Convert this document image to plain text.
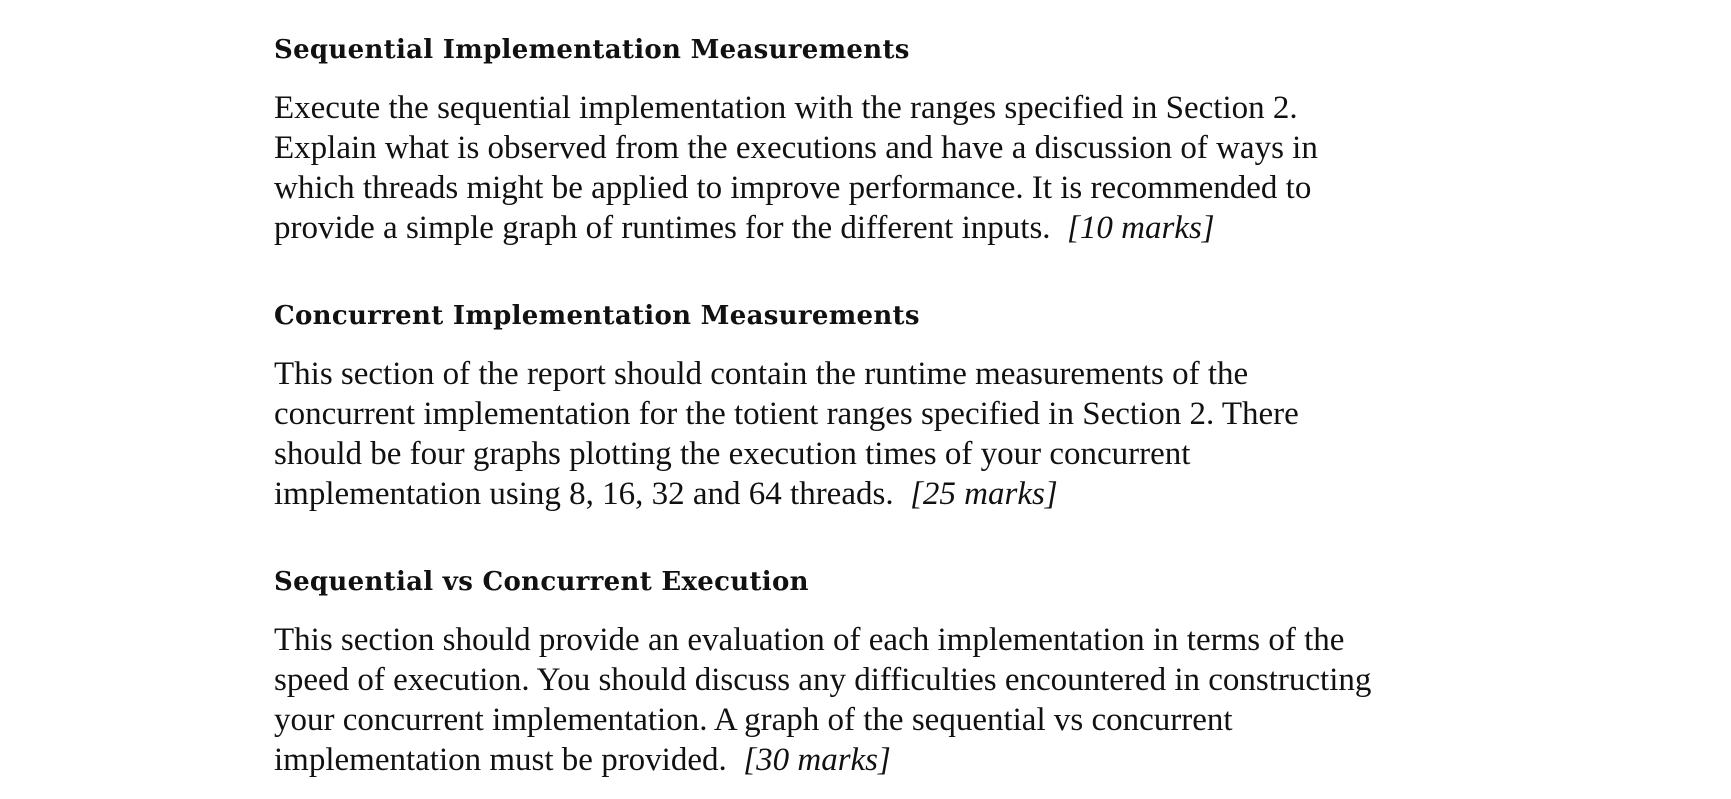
Sequential Implementation Measurements

Execute the sequential implementation with the ranges specified in Section 2.
Explain what is observed from the executions and have a discussion of ways in
which threads might be applied to improve performance. It is recommended to
provide a simple graph of runtimes for the different inputs. [10 marks]

Concurrent Implementation Measurements

This section of the report should contain the runtime measurements of the
concurrent implementation for the totient ranges specified in Section 2. There
should be four graphs plotting the execution times of your concurrent
implementation using 8, 16, 32 and 64 threads. [25 marks]

Sequential vs Concurrent Execution

This section should provide an evaluation of each implementation in terms of the
speed of execution. You should discuss any difficulties encountered in constructing
your concurrent implementation. A graph of the sequential vs concurrent
implementation must be provided. [30 marks]
